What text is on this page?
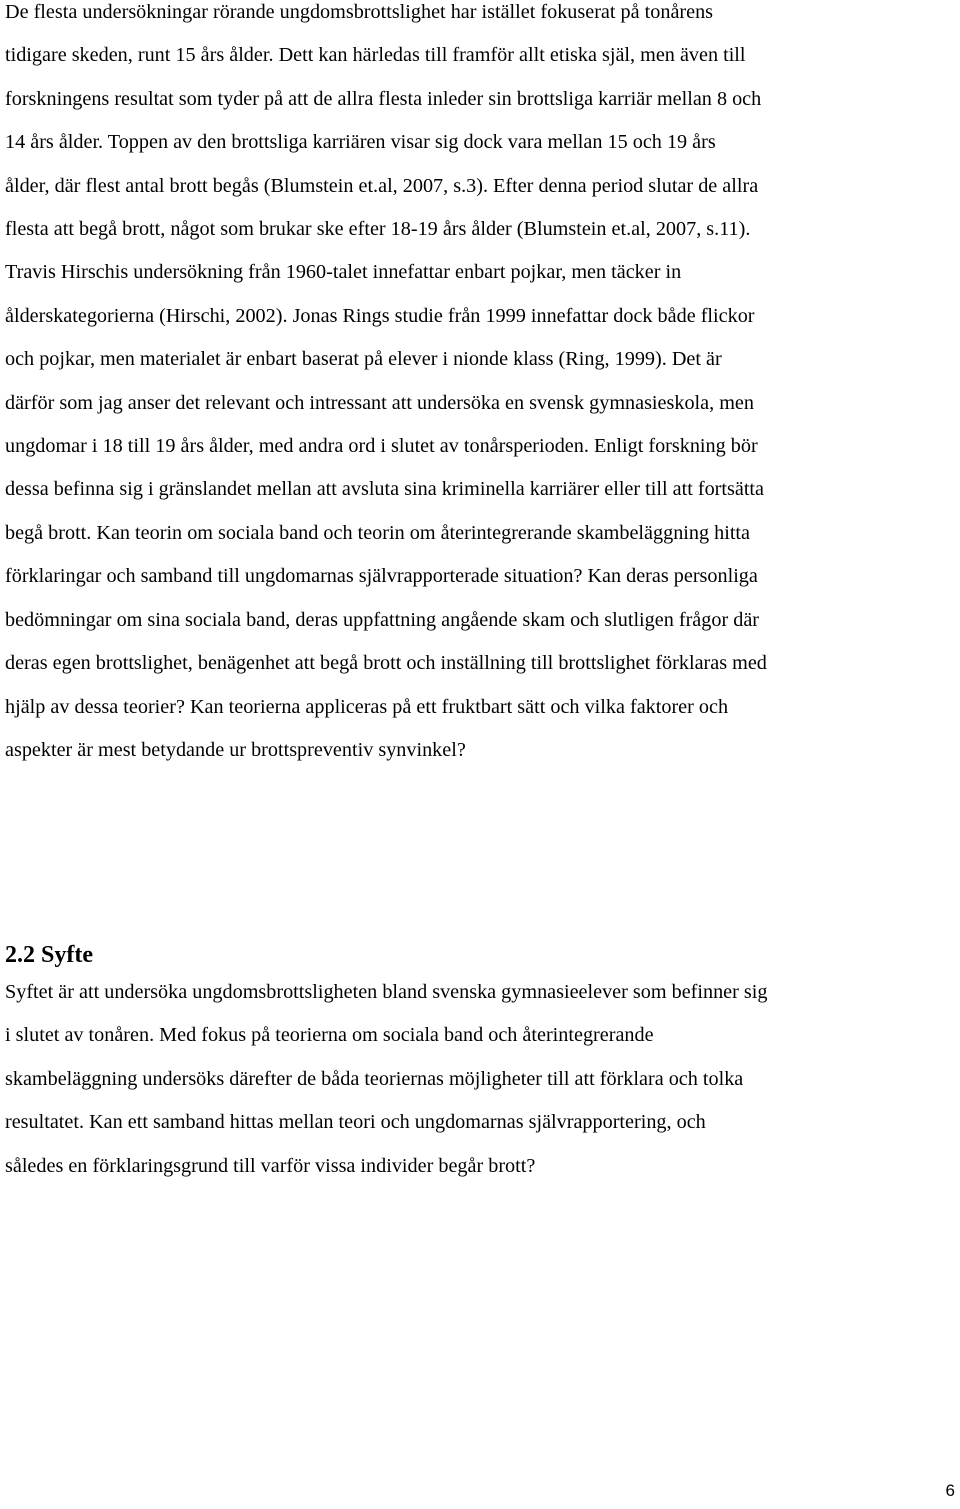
De flesta undersökningar rörande ungdomsbrottslighet har istället fokuserat på tonårens
tidigare skeden, runt 15 års ålder. Dett kan härledas till framför allt etiska själ, men även till
forskningens resultat som tyder på att de allra flesta inleder sin brottsliga karriär mellan 8 och
14 års ålder. Toppen av den brottsliga karriären visar sig dock vara mellan 15 och 19 års
ålder, där flest antal brott begås (Blumstein et.al, 2007, s.3). Efter denna period slutar de allra
flesta att begå brott, något som brukar ske efter 18-19 års ålder (Blumstein et.al, 2007, s.11).
Travis Hirschis undersökning från 1960-talet innefattar enbart pojkar, men täcker in
ålderskategorierna (Hirschi, 2002). Jonas Rings studie från 1999 innefattar dock både flickor
och pojkar, men materialet är enbart baserat på elever i nionde klass (Ring, 1999). Det är
därför som jag anser det relevant och intressant att undersöka en svensk gymnasieskola, men
ungdomar i 18 till 19 års ålder, med andra ord i slutet av tonårsperioden. Enligt forskning bör
dessa befinna sig i gränslandet mellan att avsluta sina kriminella karriärer eller till att fortsätta
begå brott. Kan teorin om sociala band och teorin om återintegrerande skambeläggning hitta
förklaringar och samband till ungdomarnas självrapporterade situation? Kan deras personliga
bedömningar om sina sociala band, deras uppfattning angående skam och slutligen frågor där
deras egen brottslighet, benägenhet att begå brott och inställning till brottslighet förklaras med
hjälp av dessa teorier? Kan teorierna appliceras på ett fruktbart sätt och vilka faktorer och
aspekter är mest betydande ur brottspreventiv synvinkel?
2.2 Syfte
Syftet är att undersöka ungdomsbrottsligheten bland svenska gymnasieelever som befinner sig
i slutet av tonåren. Med fokus på teorierna om sociala band och återintegrerande
skambeläggning undersöks därefter de båda teoriernas möjligheter till att förklara och tolka
resultatet. Kan ett samband hittas mellan teori och ungdomarnas självrapportering, och
således en förklaringsgrund till varför vissa individer begår brott?
6
